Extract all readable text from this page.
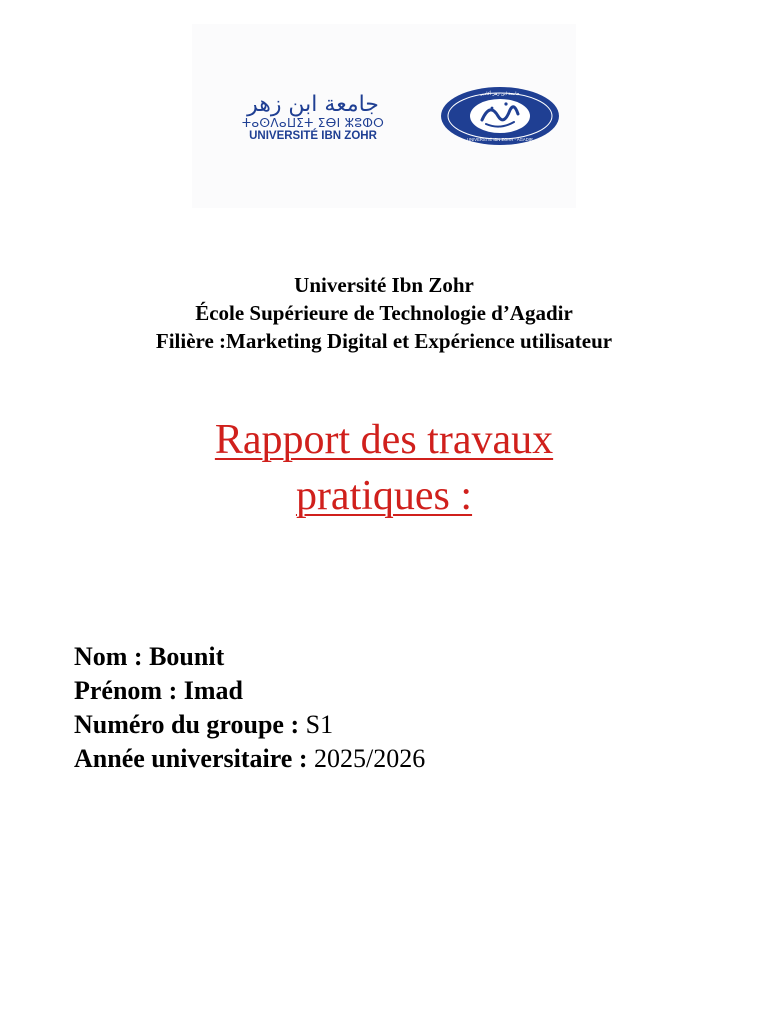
جامعة ابن زهر
ⵜⴰⵙⴷⴰⵡⵉⵜ ⵉⴱⵏ ⵣⵓⵀⵔ
UNIVERSITÉ IBN ZOHR	UNIVERSITÉ IBN ZOHR - AGADIR
جامعة ابن زهر أكادير
Université Ibn Zohr
École Supérieure de Technologie d’Agadir
Filière :Marketing Digital et Expérience utilisateur
Rapport des travaux
pratiques :
Nom : Bounit
Prénom : Imad
Numéro du groupe : S1
Année universitaire : 2025/2026
